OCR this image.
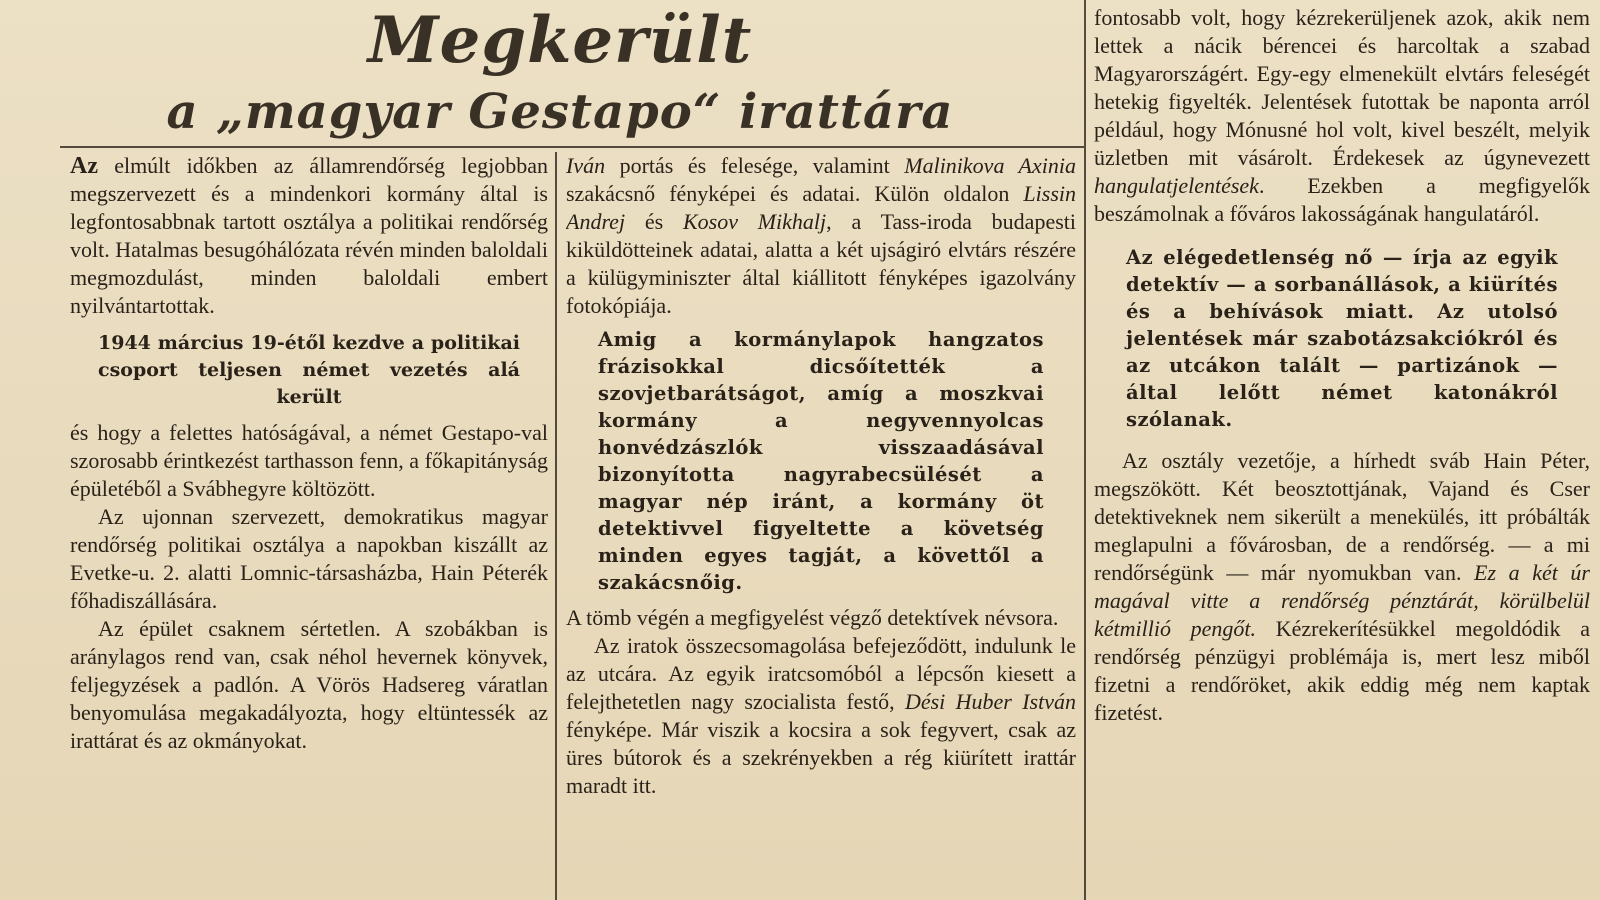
Megkerült
a „magyar Gestapo“ irattára

Az elmúlt időkben az államrendőrség legjobban megszervezett és a mindenkori kormány által is legfontosabbnak tartott osztálya a politikai rendőrség volt. Hatalmas besugóhálózata révén minden baloldali megmozdulást, minden baloldali embert nyilvántartottak.

1944 március 19-étől kezdve a politikai csoport teljesen német vezetés alá került

és hogy a felettes hatóságával, a német Gestapo-val szorosabb érintkezést tarthasson fenn, a főkapitányság épületéből a Svábhegyre költözött.

Az ujonnan szervezett, demokratikus magyar rendőrség politikai osztálya a napokban kiszállt az Evetke-u. 2. alatti Lomnic-társasházba, Hain Péterék főhadiszállására.

Az épület csaknem sértetlen. A szobákban is aránylagos rend van, csak néhol hevernek könyvek, feljegyzések a padlón. A Vörös Hadsereg váratlan benyomulása megakadályozta, hogy eltüntessék az irattárat és az okmányokat.

Iván portás és felesége, valamint Malinikova Axinia szakácsnő fényképei és adatai. Külön oldalon Lissin Andrej és Kosov Mikhalj, a Tass-iroda budapesti kiküldötteinek adatai, alatta a két ujságiró elvtárs részére a külügyminiszter által kiállitott fényképes igazolvány fotokópiája.

Amig a kormánylapok hangzatos frázisokkal dicsőítették a szovjetbarátságot, amíg a moszkvai kormány a negyvennyolcas honvédzászlók visszaadásával bizonyította nagyrabecsülését a magyar nép iránt, a kormány öt detektivvel figyeltette a követség minden egyes tagját, a követtől a szakácsnőig.

A tömb végén a megfigyelést végző detektívek névsora.

Az iratok összecsomagolása befejeződött, indulunk le az utcára. Az egyik iratcsomóból a lépcsőn kiesett a felejthetetlen nagy szocialista festő, Dési Huber István fényképe. Már viszik a kocsira a sok fegyvert, csak az üres bútorok és a szekrényekben a rég kiürített irattár maradt itt.

fontosabb volt, hogy kézrekerüljenek azok, akik nem lettek a nácik bérencei és harcoltak a szabad Magyarországért. Egy-egy elmenekült elvtárs feleségét hetekig figyelték. Jelentések futottak be naponta arról például, hogy Mónusné hol volt, kivel beszélt, melyik üzletben mit vásárolt. Érdekesek az úgynevezett hangulatjelentések. Ezekben a megfigyelők beszámolnak a főváros lakosságának hangulatáról.

Az elégedetlenség nő — írja az egyik detektív — a sorbanállások, a kiürítés és a behívások miatt. Az utolsó jelentések már szabotázsakciókról és az utcákon talált — partizánok — által lelőtt német katonákról szólanak.

Az osztály vezetője, a hírhedt sváb Hain Péter, megszökött. Két beosztottjának, Vajand és Cser detektiveknek nem sikerült a menekülés, itt próbálták meglapulni a fővárosban, de a rendőrség. — a mi rendőrségünk — már nyomukban van. Ez a két úr magával vitte a rendőrség pénztárát, körülbelül kétmillió pengőt. Kézrekerítésükkel megoldódik a rendőrség pénzügyi problémája is, mert lesz miből fizetni a rendőröket, akik eddig még nem kaptak fizetést.
